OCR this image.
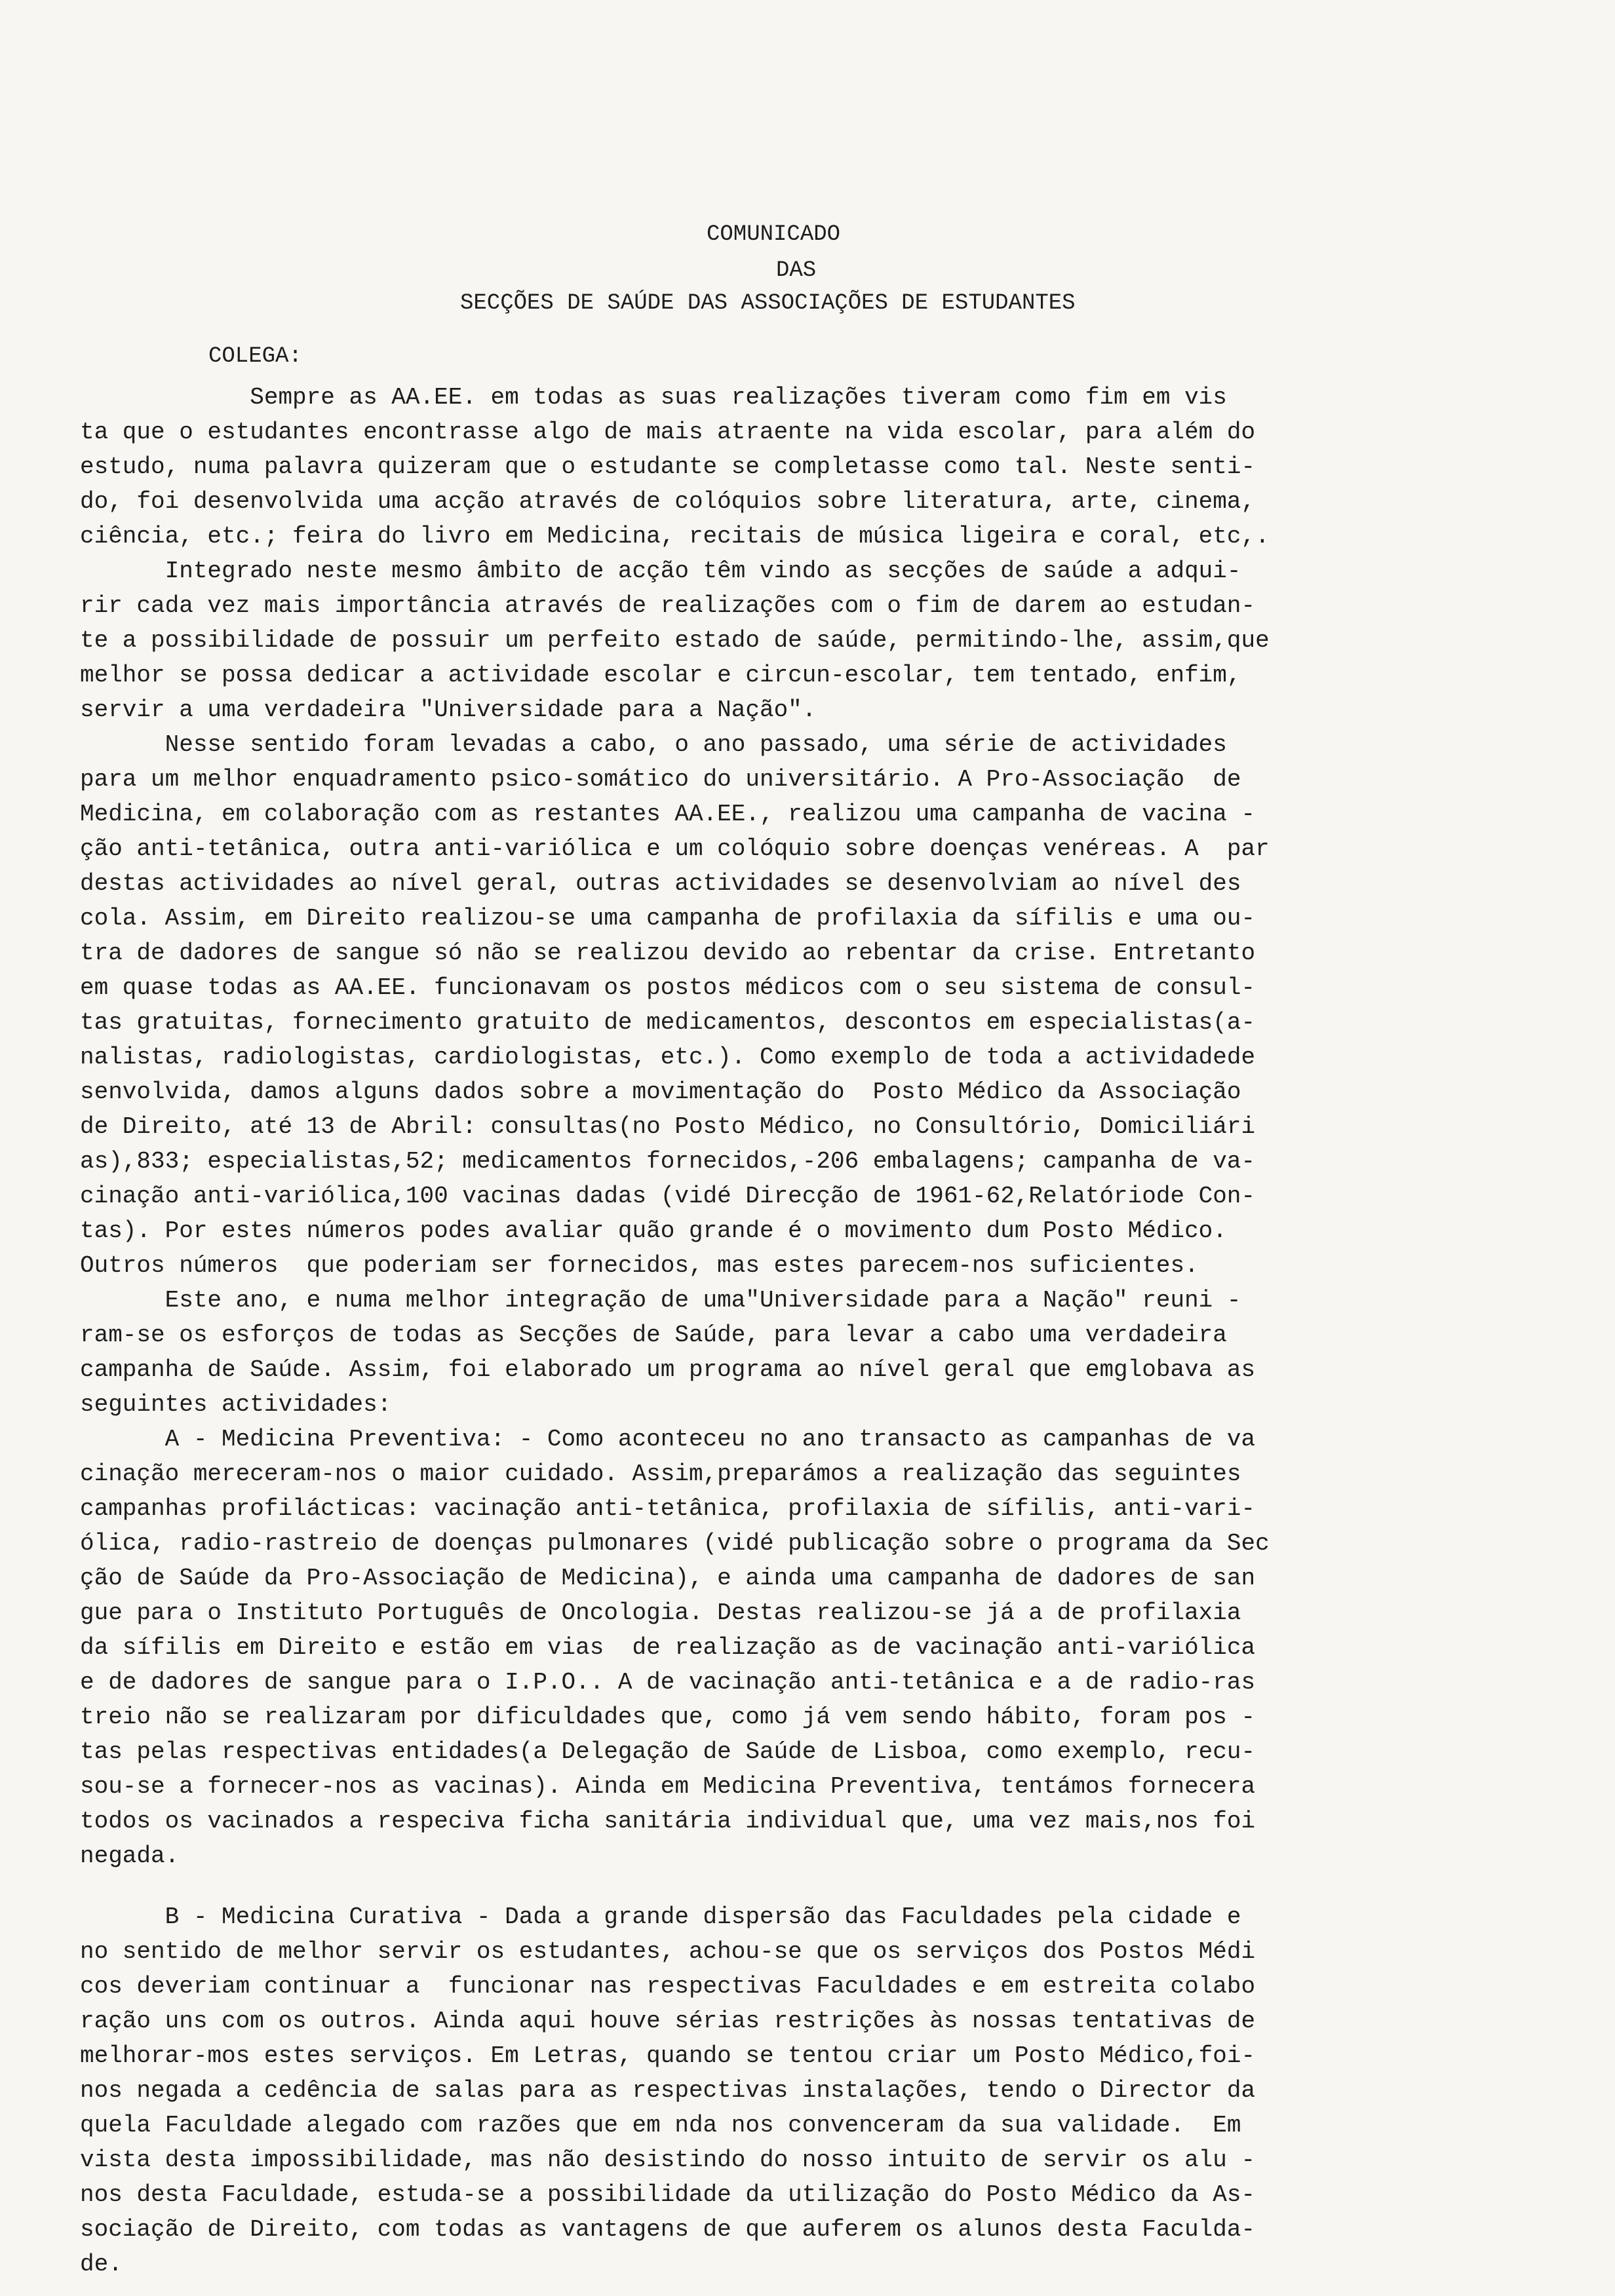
COMUNICADO

DAS

SECÇÕES DE SAÚDE DAS ASSOCIAÇÕES DE ESTUDANTES

COLEGA:
Sempre as AA.EE. em todas as suas realizações tiveram como fim em vis
ta que o estudantes encontrasse algo de mais atraente na vida escolar, para além do
estudo, numa palavra quizeram que o estudante se completasse como tal. Neste senti-
do, foi desenvolvida uma acção através de colóquios sobre literatura, arte, cinema,
ciência, etc.; feira do livro em Medicina, recitais de música ligeira e coral, etc,.
Integrado neste mesmo âmbito de acção têm vindo as secções de saúde a adqui-
rir cada vez mais importância através de realizações com o fim de darem ao estudan-
te a possibilidade de possuir um perfeito estado de saúde, permitindo-lhe, assim,que
melhor se possa dedicar a actividade escolar e circun-escolar, tem tentado, enfim,
servir a uma verdadeira "Universidade para a Nação".
Nesse sentido foram levadas a cabo, o ano passado, uma série de actividades
para um melhor enquadramento psico-somático do universitário. A Pro-Associação  de
Medicina, em colaboração com as restantes AA.EE., realizou uma campanha de vacina -
ção anti-tetânica, outra anti-variólica e um colóquio sobre doenças venéreas. A  par
destas actividades ao nível geral, outras actividades se desenvolviam ao nível des
cola. Assim, em Direito realizou-se uma campanha de profilaxia da sífilis e uma ou-
tra de dadores de sangue só não se realizou devido ao rebentar da crise. Entretanto
em quase todas as AA.EE. funcionavam os postos médicos com o seu sistema de consul-
tas gratuitas, fornecimento gratuito de medicamentos, descontos em especialistas(a-
nalistas, radiologistas, cardiologistas, etc.). Como exemplo de toda a actividadede
senvolvida, damos alguns dados sobre a movimentação do  Posto Médico da Associação
de Direito, até 13 de Abril: consultas(no Posto Médico, no Consultório, Domiciliári
as),833; especialistas,52; medicamentos fornecidos,-206 embalagens; campanha de va-
cinação anti-variólica,100 vacinas dadas (vidé Direcção de 1961-62,Relatóriode Con-
tas). Por estes números podes avaliar quão grande é o movimento dum Posto Médico.
Outros números  que poderiam ser fornecidos, mas estes parecem-nos suficientes.
Este ano, e numa melhor integração de uma"Universidade para a Nação" reuni -
ram-se os esforços de todas as Secções de Saúde, para levar a cabo uma verdadeira
campanha de Saúde. Assim, foi elaborado um programa ao nível geral que emglobava as
seguintes actividades:
A - Medicina Preventiva: - Como aconteceu no ano transacto as campanhas de va
cinação mereceram-nos o maior cuidado. Assim,preparámos a realização das seguintes
campanhas profilácticas: vacinação anti-tetânica, profilaxia de sífilis, anti-vari-
ólica, radio-rastreio de doenças pulmonares (vidé publicação sobre o programa da Sec
ção de Saúde da Pro-Associação de Medicina), e ainda uma campanha de dadores de san
gue para o Instituto Português de Oncologia. Destas realizou-se já a de profilaxia
da sífilis em Direito e estão em vias  de realização as de vacinação anti-variólica
e de dadores de sangue para o I.P.O.. A de vacinação anti-tetânica e a de radio-ras
treio não se realizaram por dificuldades que, como já vem sendo hábito, foram pos -
tas pelas respectivas entidades(a Delegação de Saúde de Lisboa, como exemplo, recu-
sou-se a fornecer-nos as vacinas). Ainda em Medicina Preventiva, tentámos fornecera
todos os vacinados a respeciva ficha sanitária individual que, uma vez mais,nos foi
negada.
B - Medicina Curativa - Dada a grande dispersão das Faculdades pela cidade e
no sentido de melhor servir os estudantes, achou-se que os serviços dos Postos Médi
cos deveriam continuar a  funcionar nas respectivas Faculdades e em estreita colabo
ração uns com os outros. Ainda aqui houve sérias restrições às nossas tentativas de
melhorar-mos estes serviços. Em Letras, quando se tentou criar um Posto Médico,foi-
nos negada a cedência de salas para as respectivas instalações, tendo o Director da
quela Faculdade alegado com razões que em nda nos convenceram da sua validade.  Em
vista desta impossibilidade, mas não desistindo do nosso intuito de servir os alu -
nos desta Faculdade, estuda-se a possibilidade da utilização do Posto Médico da As-
sociação de Direito, com todas as vantagens de que auferem os alunos desta Faculda-
de.
